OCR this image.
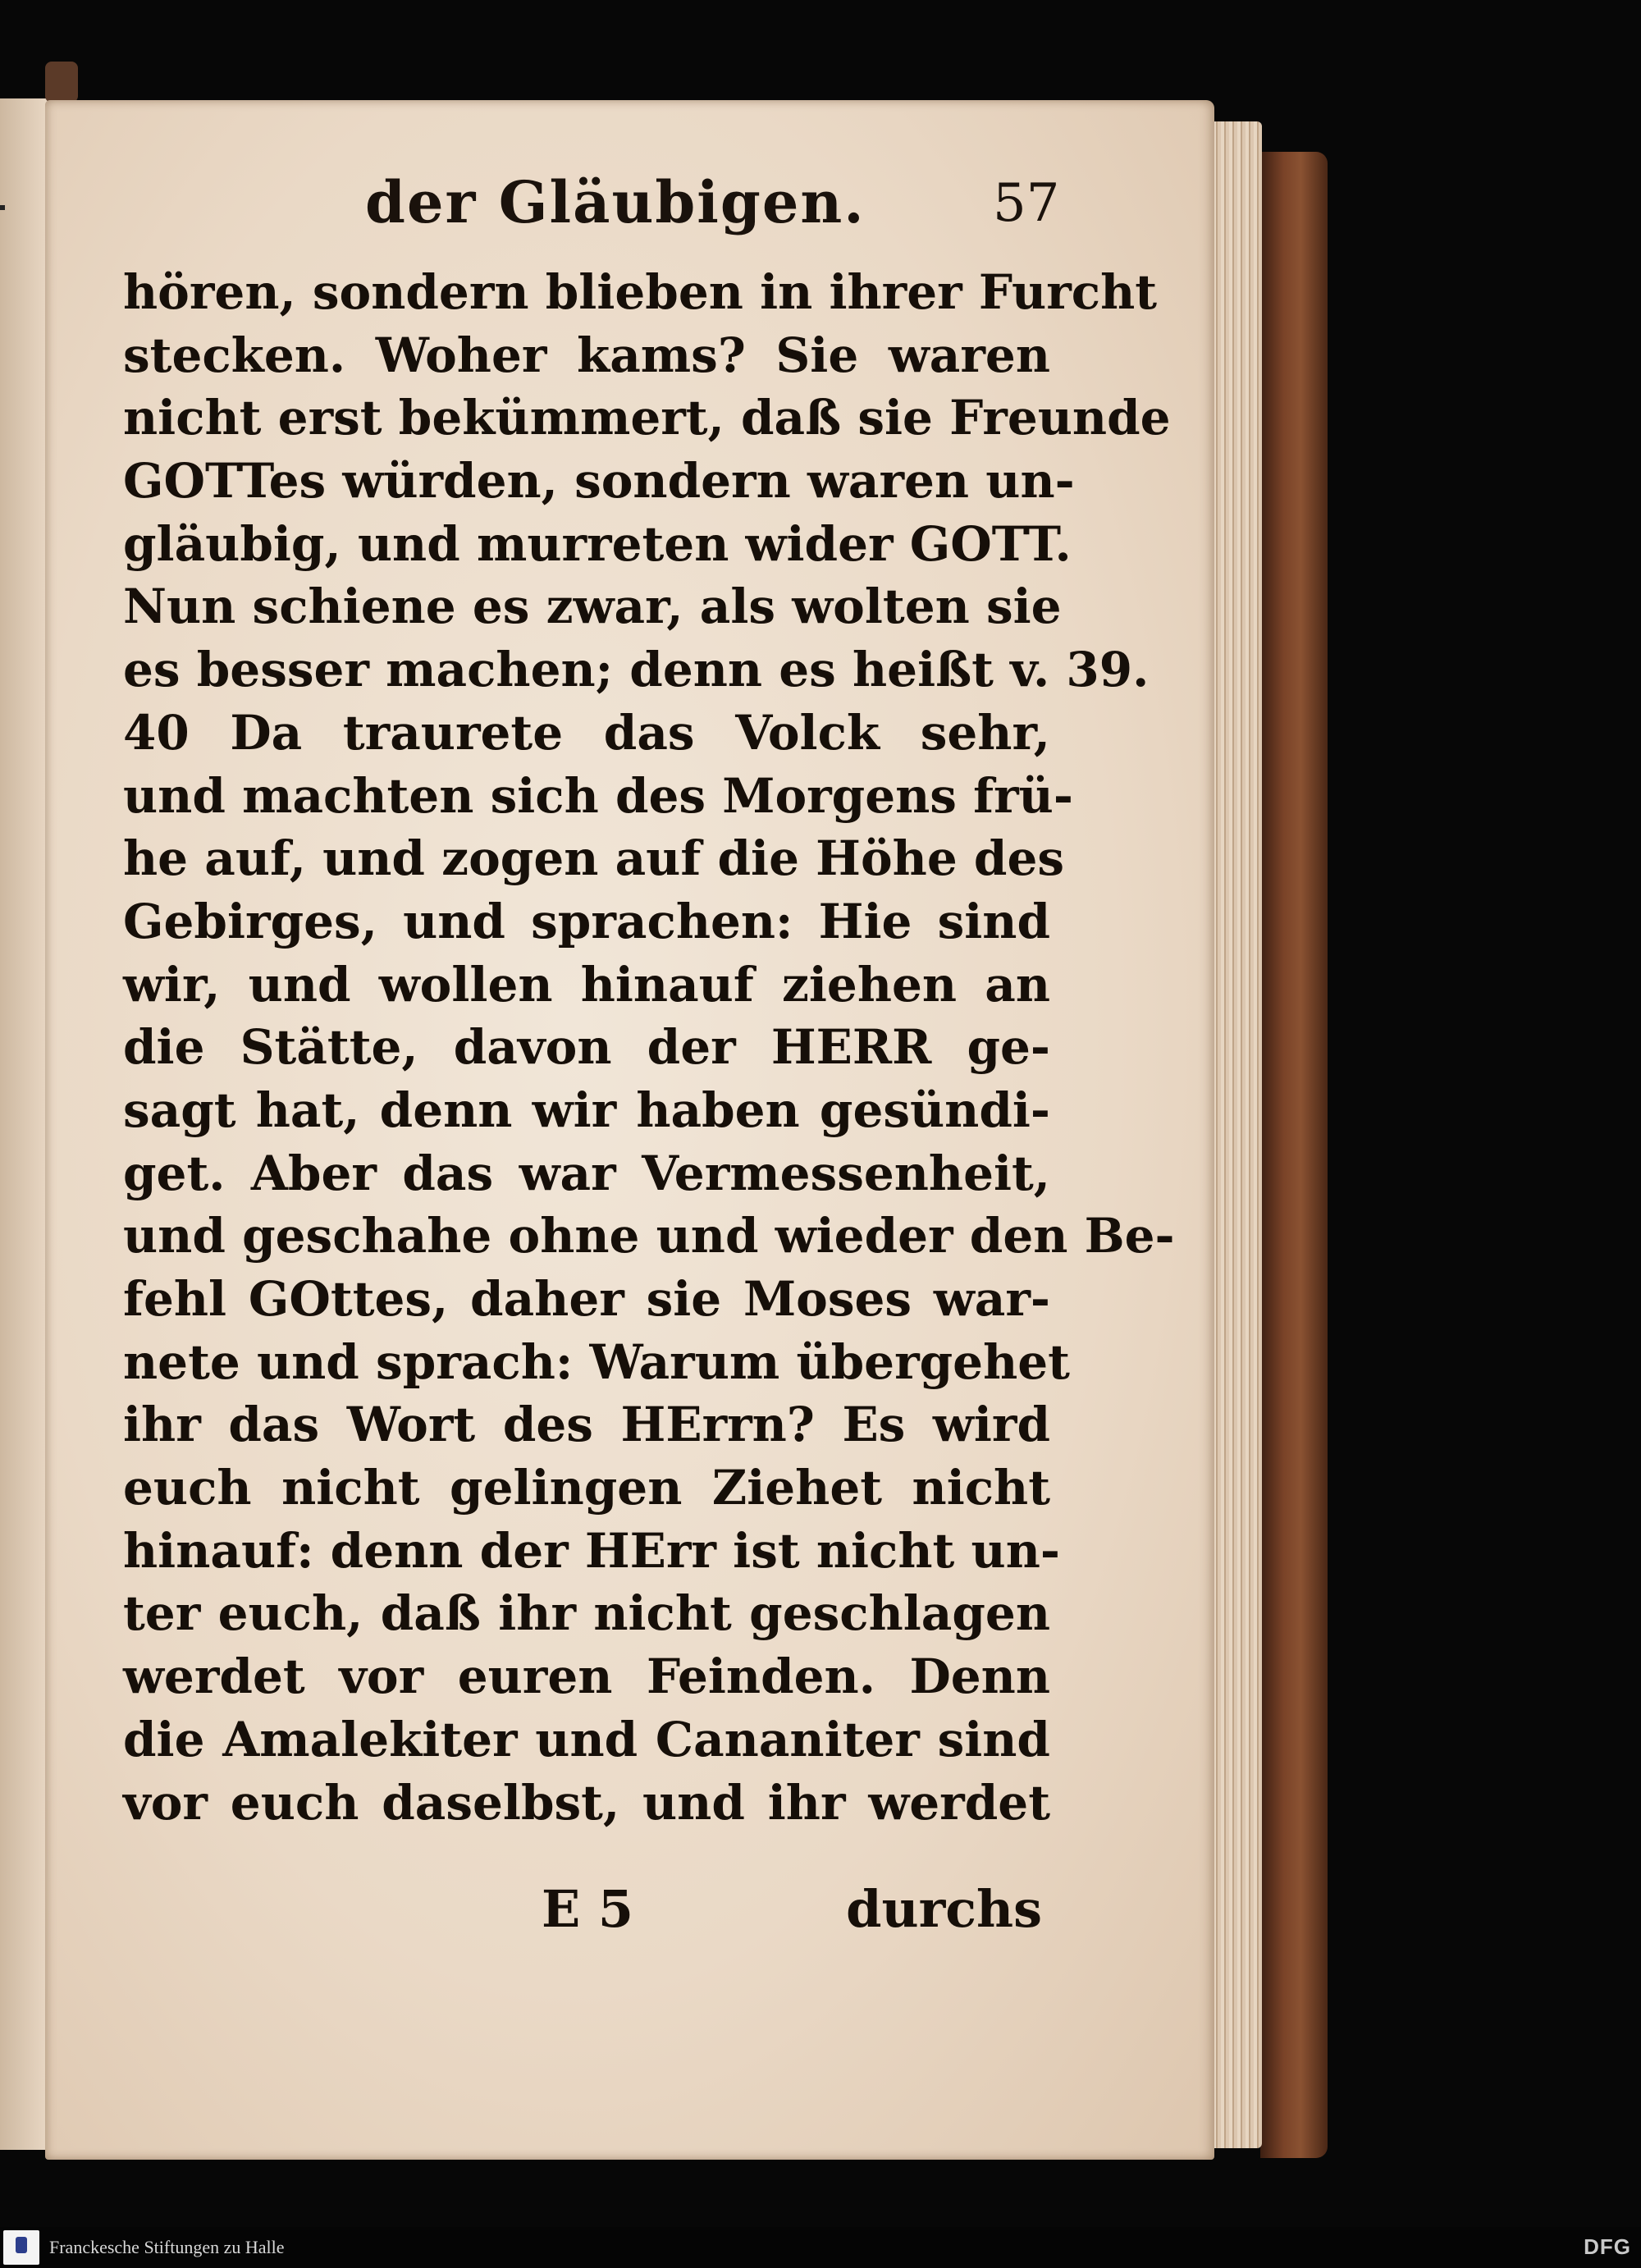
der Gläubigen. 57
hören, sondern blieben in ihrer Furcht
stecken. Woher kams? Sie waren
nicht erst bekümmert, daß sie Freunde
GOTTes würden, sondern waren un-
gläubig, und murreten wider GOTT.
Nun schiene es zwar, als wolten sie
es besser machen; denn es heißt v. 39.
40 Da traurete das Volck sehr,
und machten sich des Morgens frü-
he auf, und zogen auf die Höhe des
Gebirges, und sprachen: Hie sind
wir, und wollen hinauf ziehen an
die Stätte, davon der HERR ge-
sagt hat, denn wir haben gesündi-
get. Aber das war Vermessenheit,
und geschahe ohne und wieder den Be-
fehl GOttes, daher sie Moses war-
nete und sprach: Warum übergehet
ihr das Wort des HErrn? Es wird
euch nicht gelingen Ziehet nicht
hinauf: denn der HErr ist nicht un-
ter euch, daß ihr nicht geschlagen
werdet vor euren Feinden. Denn
die Amalekiter und Cananiter sind
vor euch daselbst, und ihr werdet
E 5	durchs
Franckesche Stiftungen zu Halle	DFG
